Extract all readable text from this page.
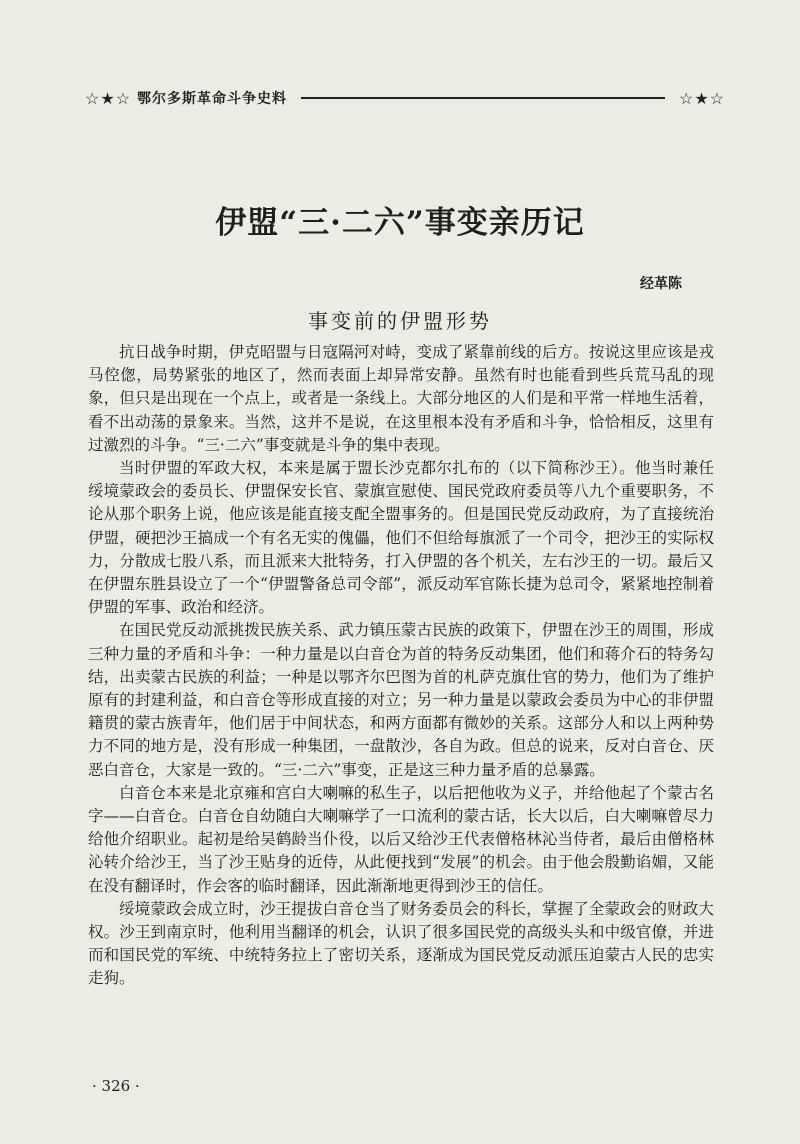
☆★☆ 鄂尔多斯革命斗争史料	☆★☆
伊盟“三·二六”事变亲历记
经革陈
事变前的伊盟形势

抗日战争时期，伊克昭盟与日寇隔河对峙，变成了紧靠前线的后方。按说这里应该是戎马倥偬，局势紧张的地区了，然而表面上却异常安静。虽然有时也能看到些兵荒马乱的现象，但只是出现在一个点上，或者是一条线上。大部分地区的人们是和平常一样地生活着，看不出动荡的景象来。当然，这并不是说，在这里根本没有矛盾和斗争，恰恰相反，这里有过激烈的斗争。“三·二六”事变就是斗争的集中表现。

当时伊盟的军政大权，本来是属于盟长沙克都尔扎布的（以下简称沙王）。他当时兼任绥境蒙政会的委员长、伊盟保安长官、蒙旗宣慰使、国民党政府委员等八九个重要职务，不论从那个职务上说，他应该是能直接支配全盟事务的。但是国民党反动政府，为了直接统治伊盟，硬把沙王搞成一个有名无实的傀儡，他们不但给每旗派了一个司令，把沙王的实际权力，分散成七股八系，而且派来大批特务，打入伊盟的各个机关，左右沙王的一切。最后又在伊盟东胜县设立了一个“伊盟警备总司令部”，派反动军官陈长捷为总司令，紧紧地控制着伊盟的军事、政治和经济。

在国民党反动派挑拨民族关系、武力镇压蒙古民族的政策下，伊盟在沙王的周围，形成三种力量的矛盾和斗争：一种力量是以白音仓为首的特务反动集团，他们和蒋介石的特务勾结，出卖蒙古民族的利益；一种是以鄂齐尔巴图为首的札萨克旗仕官的势力，他们为了维护原有的封建利益，和白音仓等形成直接的对立；另一种力量是以蒙政会委员为中心的非伊盟籍贯的蒙古族青年，他们居于中间状态，和两方面都有微妙的关系。这部分人和以上两种势力不同的地方是，没有形成一种集团，一盘散沙，各自为政。但总的说来，反对白音仓、厌恶白音仓，大家是一致的。“三·二六”事变，正是这三种力量矛盾的总暴露。

白音仓本来是北京雍和宫白大喇嘛的私生子，以后把他收为义子，并给他起了个蒙古名字——白音仓。白音仓自幼随白大喇嘛学了一口流利的蒙古话，长大以后，白大喇嘛曾尽力给他介绍职业。起初是给吴鹤龄当仆役，以后又给沙王代表僧格林沁当侍者，最后由僧格林沁转介给沙王，当了沙王贴身的近侍，从此便找到“发展”的机会。由于他会殷勤谄媚，又能在没有翻译时，作会客的临时翻译，因此渐渐地更得到沙王的信任。

绥境蒙政会成立时，沙王提拔白音仓当了财务委员会的科长，掌握了全蒙政会的财政大权。沙王到南京时，他利用当翻译的机会，认识了很多国民党的高级头头和中级官僚，并进而和国民党的军统、中统特务拉上了密切关系，逐渐成为国民党反动派压迫蒙古人民的忠实走狗。

· 326 ·
